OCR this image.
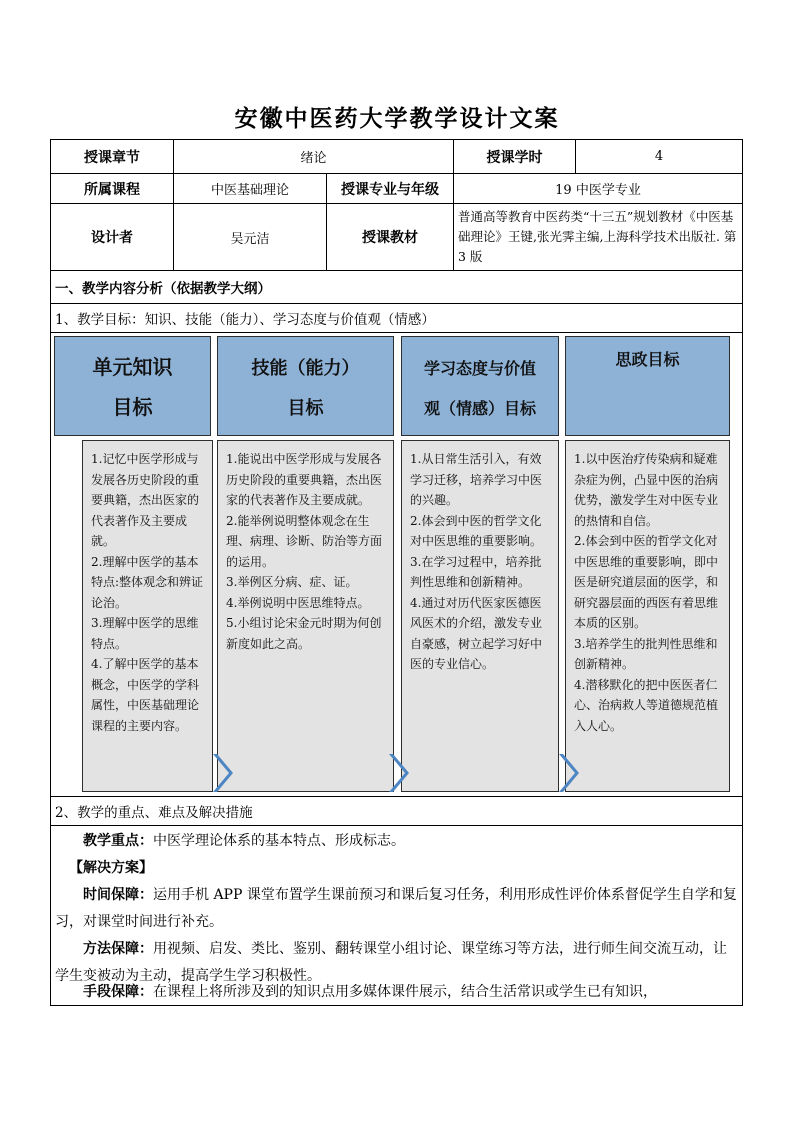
安徽中医药大学教学设计文案
授课章节	绪论	授课学时	4
所属课程	中医基础理论	授课专业与年级	19 中医学专业
设计者	吴元洁	授课教材
普通高等教育中医药类“十三五”规划教材《中医基础理论》王键,张光霁主编,上海科学技术出版社. 第 3 版
一、教学内容分析（依据教学大纲）
1、教学目标：知识、技能（能力）、学习态度与价值观（情感）
单元知识
目标
技能（能力）
目标
学习态度与价值
观（情感）目标
思政目标

1.记忆中医学形成与发展各历史阶段的重要典籍，杰出医家的代表著作及主要成就。

2.理解中医学的基本特点:整体观念和辨证论治。

3.理解中医学的思维特点。

4.了解中医学的基本概念，中医学的学科属性，中医基础理论课程的主要内容。

1.能说出中医学形成与发展各历史阶段的重要典籍，杰出医家的代表著作及主要成就。

2.能举例说明整体观念在生理、病理、诊断、防治等方面的运用。

3.举例区分病、症、证。

4.举例说明中医思维特点。

5.小组讨论宋金元时期为何创新度如此之高。

1.从日常生活引入，有效学习迁移，培养学习中医的兴趣。

2.体会到中医的哲学文化对中医思维的重要影响。

3.在学习过程中，培养批判性思维和创新精神。

4.通过对历代医家医德医风医术的介绍，激发专业自豪感，树立起学习好中医的专业信心。

1.以中医治疗传染病和疑难杂症为例，凸显中医的治病优势，激发学生对中医专业的热情和自信。

2.体会到中医的哲学文化对中医思维的重要影响，即中医是研究道层面的医学，和研究器层面的西医有着思维本质的区别。

3.培养学生的批判性思维和创新精神。

4.潜移默化的把中医医者仁心、治病救人等道德规范植入人心。

2、教学的重点、难点及解决措施
教学重点：中医学理论体系的基本特点、形成标志。
【解决方案】
时间保障：运用手机 APP 课堂布置学生课前预习和课后复习任务，利用形成性评价体系督促学生自学和复习，对课堂时间进行补充。
方法保障：用视频、启发、类比、鉴别、翻转课堂小组讨论、课堂练习等方法，进行师生间交流互动，让学生变被动为主动，提高学生学习积极性。
手段保障：在课程上将所涉及到的知识点用多媒体课件展示，结合生活常识或学生已有知识，
